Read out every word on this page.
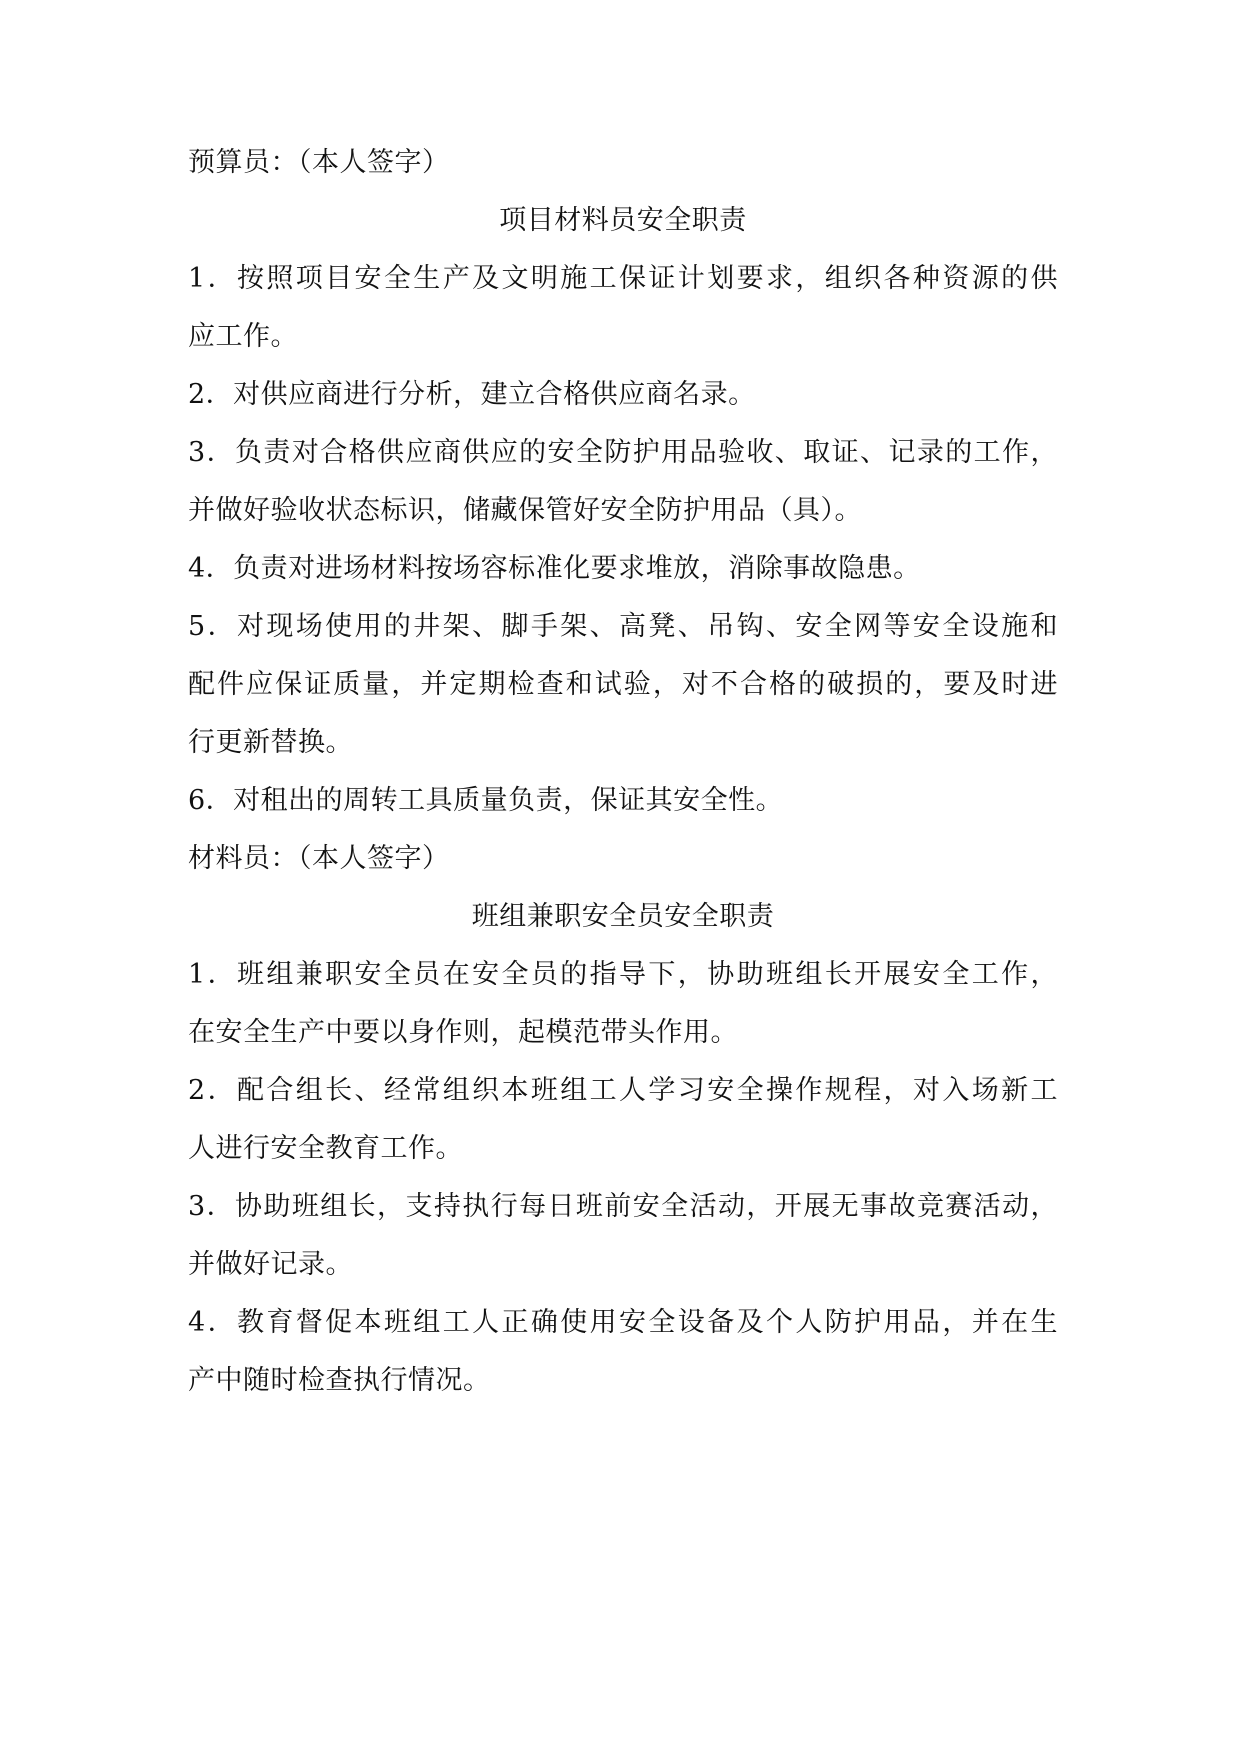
预算员：（本人签字）
项目材料员安全职责
1．按照项目安全生产及文明施工保证计划要求，组织各种资源的供
应工作。
2．对供应商进行分析，建立合格供应商名录。
3．负责对合格供应商供应的安全防护用品验收、取证、记录的工作，
并做好验收状态标识，储藏保管好安全防护用品（具）。
4．负责对进场材料按场容标准化要求堆放，消除事故隐患。
5．对现场使用的井架、脚手架、高凳、吊钩、安全网等安全设施和
配件应保证质量，并定期检查和试验，对不合格的破损的，要及时进
行更新替换。
6．对租出的周转工具质量负责，保证其安全性。
材料员：（本人签字）
班组兼职安全员安全职责
1．班组兼职安全员在安全员的指导下，协助班组长开展安全工作，
在安全生产中要以身作则，起模范带头作用。
2．配合组长、经常组织本班组工人学习安全操作规程，对入场新工
人进行安全教育工作。
3．协助班组长，支持执行每日班前安全活动，开展无事故竞赛活动，
并做好记录。
4．教育督促本班组工人正确使用安全设备及个人防护用品，并在生
产中随时检查执行情况。
